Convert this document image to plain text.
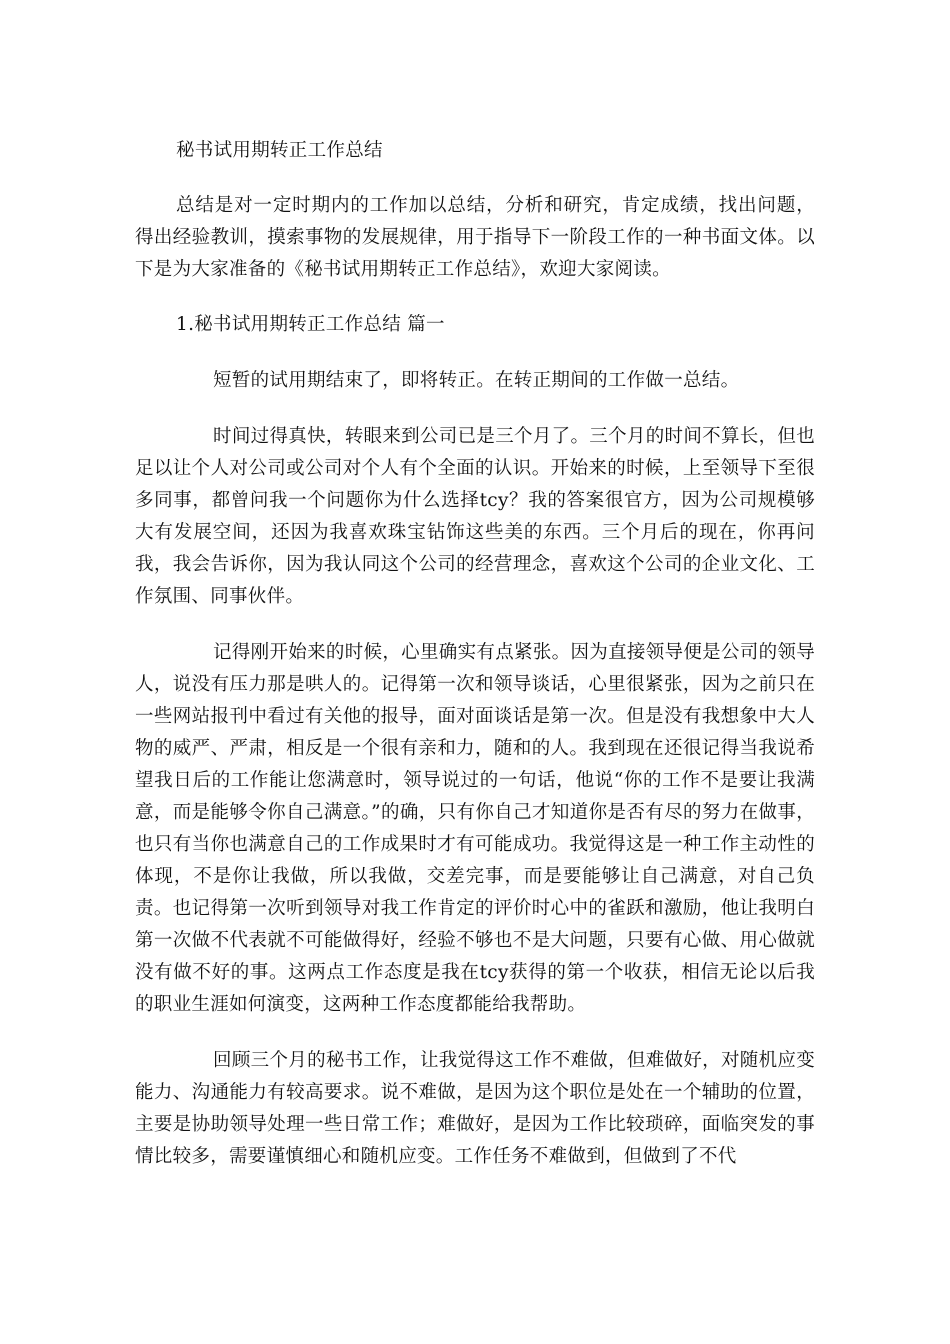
秘书试用期转正工作总结

总结是对一定时期内的工作加以总结，分析和研究，肯定成绩，找出问题，得出经验教训，摸索事物的发展规律，用于指导下一阶段工作的一种书面文体。以下是为大家准备的《秘书试用期转正工作总结》，欢迎大家阅读。

1.秘书试用期转正工作总结 篇一

短暂的试用期结束了，即将转正。在转正期间的工作做一总结。

时间过得真快，转眼来到公司已是三个月了。三个月的时间不算长，但也足以让个人对公司或公司对个人有个全面的认识。开始来的时候，上至领导下至很多同事，都曾问我一个问题你为什么选择tcy？我的答案很官方，因为公司规模够大有发展空间，还因为我喜欢珠宝钻饰这些美的东西。三个月后的现在，你再问我，我会告诉你，因为我认同这个公司的经营理念，喜欢这个公司的企业文化、工作氛围、同事伙伴。

记得刚开始来的时候，心里确实有点紧张。因为直接领导便是公司的领导人，说没有压力那是哄人的。记得第一次和领导谈话，心里很紧张，因为之前只在一些网站报刊中看过有关他的报导，面对面谈话是第一次。但是没有我想象中大人物的威严、严肃，相反是一个很有亲和力，随和的人。我到现在还很记得当我说希望我日后的工作能让您满意时，领导说过的一句话，他说“你的工作不是要让我满意，而是能够令你自己满意。”的确，只有你自己才知道你是否有尽的努力在做事，也只有当你也满意自己的工作成果时才有可能成功。我觉得这是一种工作主动性的体现，不是你让我做，所以我做，交差完事，而是要能够让自己满意，对自己负责。也记得第一次听到领导对我工作肯定的评价时心中的雀跃和激励，他让我明白第一次做不代表就不可能做得好，经验不够也不是大问题，只要有心做、用心做就没有做不好的事。这两点工作态度是我在tcy获得的第一个收获，相信无论以后我的职业生涯如何演变，这两种工作态度都能给我帮助。

回顾三个月的秘书工作，让我觉得这工作不难做，但难做好，对随机应变能力、沟通能力有较高要求。说不难做，是因为这个职位是处在一个辅助的位置，主要是协助领导处理一些日常工作；难做好，是因为工作比较琐碎，面临突发的事情比较多，需要谨慎细心和随机应变。工作任务不难做到，但做到了不代
